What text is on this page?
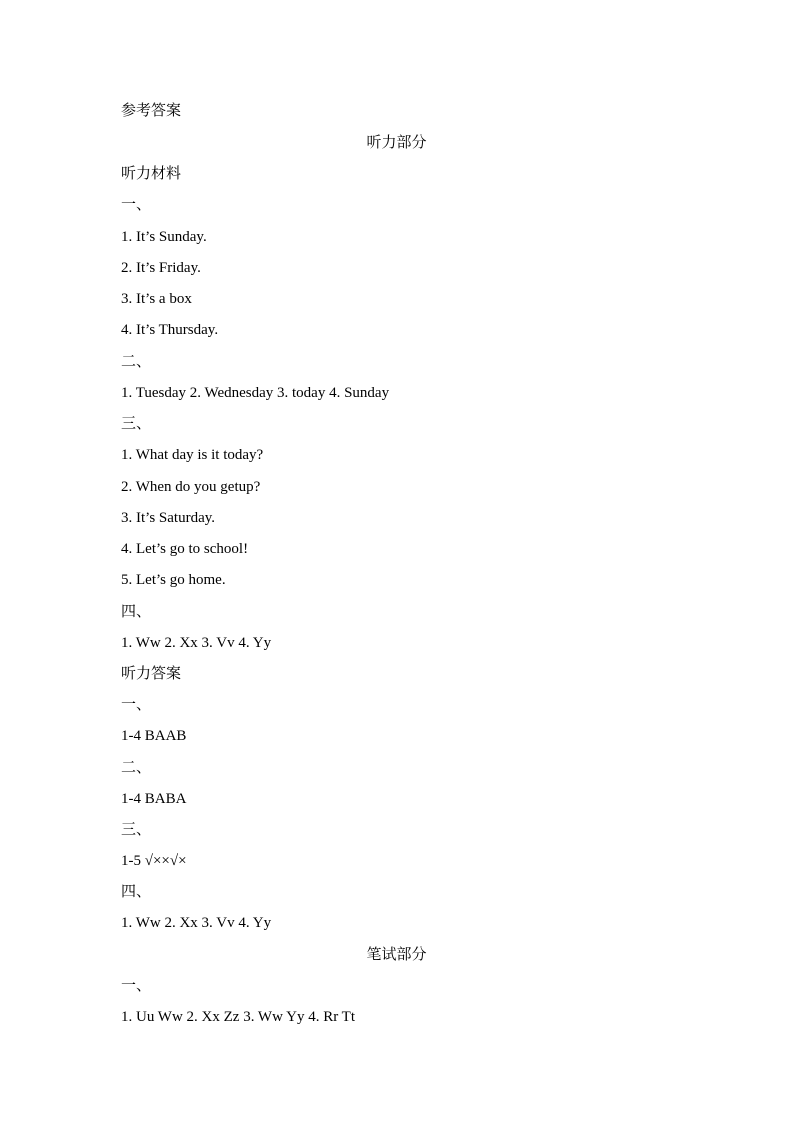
参考答案
听力部分
听力材料
一、
1. It’s Sunday.
2. It’s Friday.
3. It’s a box
4. It’s Thursday.
二、
1. Tuesday 2. Wednesday 3. today 4. Sunday
三、
1. What day is it today?
2. When do you getup?
3. It’s Saturday.
4. Let’s go to school!
5. Let’s go home.
四、
1. Ww 2. Xx 3. Vv 4. Yy
听力答案
一、
1-4 BAAB
二、
1-4 BABA
三、
1-5 √××√×
四、
1. Ww 2. Xx 3. Vv 4. Yy
笔试部分
一、
1. Uu Ww 2. Xx Zz 3. Ww Yy 4. Rr Tt
